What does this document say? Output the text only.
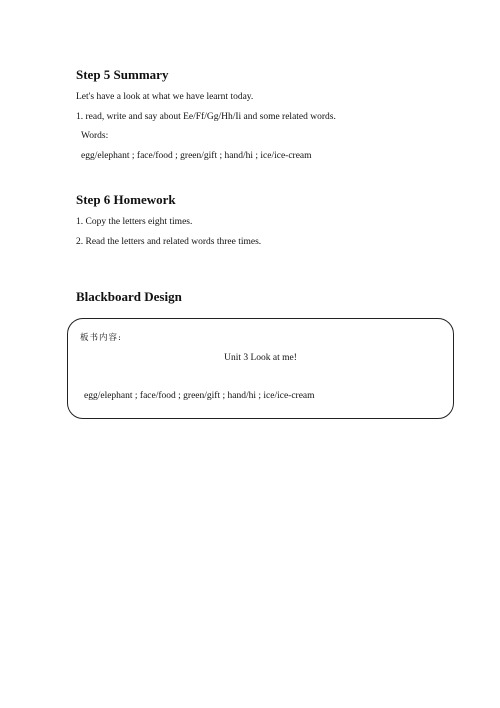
Step 5 Summary
Let's have a look at what we have learnt today.
1. read, write and say about Ee/Ff/Gg/Hh/Ii and some related words.
Words:
egg/elephant ; face/food ; green/gift ; hand/hi ; ice/ice-cream
Step 6 Homework
1. Copy the letters eight times.
2. Read the letters and related words three times.
Blackboard Design
板书内容:
Unit 3 Look at me!
egg/elephant ; face/food ; green/gift ; hand/hi ; ice/ice-cream
